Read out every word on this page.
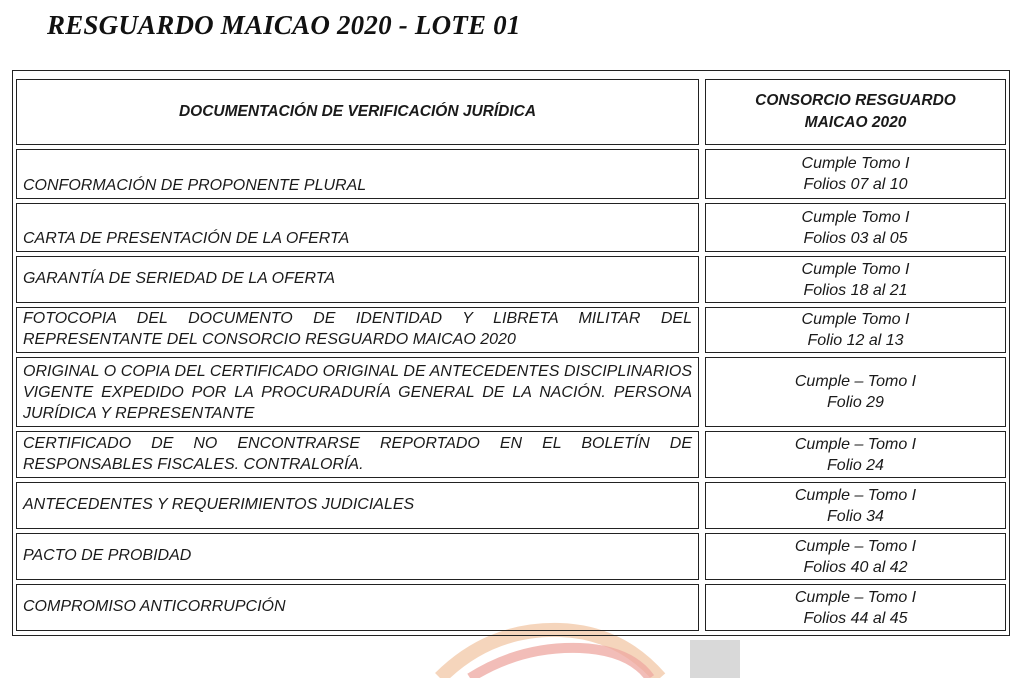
RESGUARDO MAICAO 2020 - LOTE 01
DOCUMENTACIÓN DE VERIFICACIÓN JURÍDICA		CONSORCIO RESGUARDO
MAICAO 2020

CONFORMACIÓN DE PROPONENTE PLURAL		Cumple Tomo I
Folios 07 al 10

CARTA DE PRESENTACIÓN DE LA OFERTA		Cumple Tomo I
Folios 03 al 05

GARANTÍA DE SERIEDAD DE LA OFERTA		Cumple Tomo I
Folios 18 al 21

FOTOCOPIA DEL DOCUMENTO DE IDENTIDAD Y LIBRETA MILITAR DEL REPRESENTANTE DEL CONSORCIO RESGUARDO MAICAO 2020		Cumple Tomo I
Folio 12 al 13

ORIGINAL O COPIA DEL CERTIFICADO ORIGINAL DE ANTECEDENTES DISCIPLINARIOS VIGENTE EXPEDIDO POR LA PROCURADURÍA GENERAL DE LA NACIÓN. PERSONA JURÍDICA Y REPRESENTANTE		Cumple – Tomo I
Folio 29

CERTIFICADO DE NO ENCONTRARSE REPORTADO EN EL BOLETÍN DE RESPONSABLES FISCALES. CONTRALORÍA.		Cumple – Tomo I
Folio 24

ANTECEDENTES Y REQUERIMIENTOS JUDICIALES		Cumple – Tomo I
Folio 34

PACTO DE PROBIDAD		Cumple – Tomo I
Folios 40 al 42

COMPROMISO ANTICORRUPCIÓN		Cumple – Tomo I
Folios 44 al 45
